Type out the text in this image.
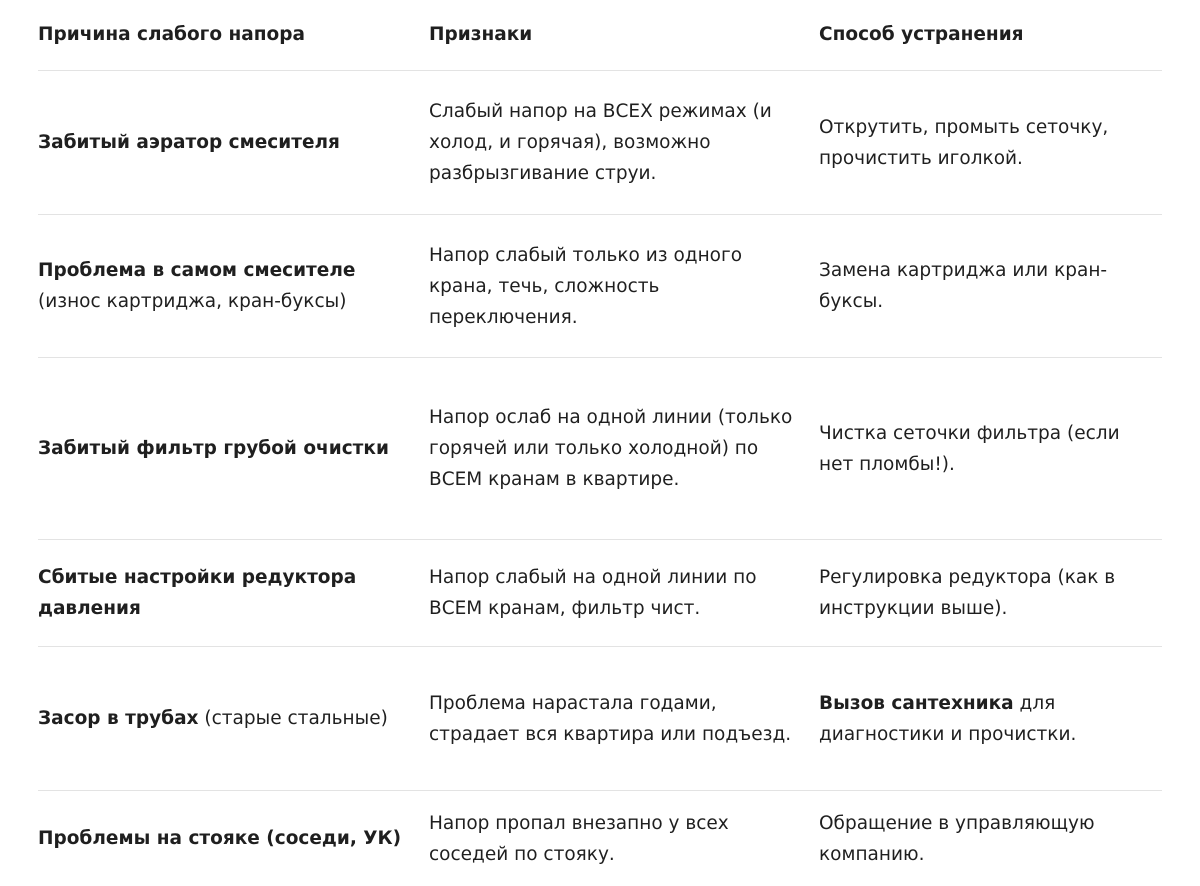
Причина слабого напора	Признаки	Способ устранения
Забитый аэратор смесителя
Слабый напор на ВСЕХ режимах (и холод, и горячая), возможно разбрызгивание струи.
Открутить, промыть сеточку, прочистить иголкой.
Проблема в самом смесителе
(износ картриджа, кран-буксы)
Напор слабый только из одного крана, течь, сложность переключения.
Замена картриджа или кран-буксы.
Забитый фильтр грубой очистки
Напор ослаб на одной линии (только горячей или только холодной) по ВСЕМ кранам в квартире.
Чистка сеточки фильтра (если нет пломбы!).
Сбитые настройки редуктора давления
Напор слабый на одной линии по ВСЕМ кранам, фильтр чист.
Регулировка редуктора (как в инструкции выше).
Засор в трубах (старые стальные)
Проблема нарастала годами, страдает вся квартира или подъезд.
Вызов сантехника для диагностики и прочистки.
Проблемы на стояке (соседи, УК)
Напор пропал внезапно у всех соседей по стояку.
Обращение в управляющую компанию.
